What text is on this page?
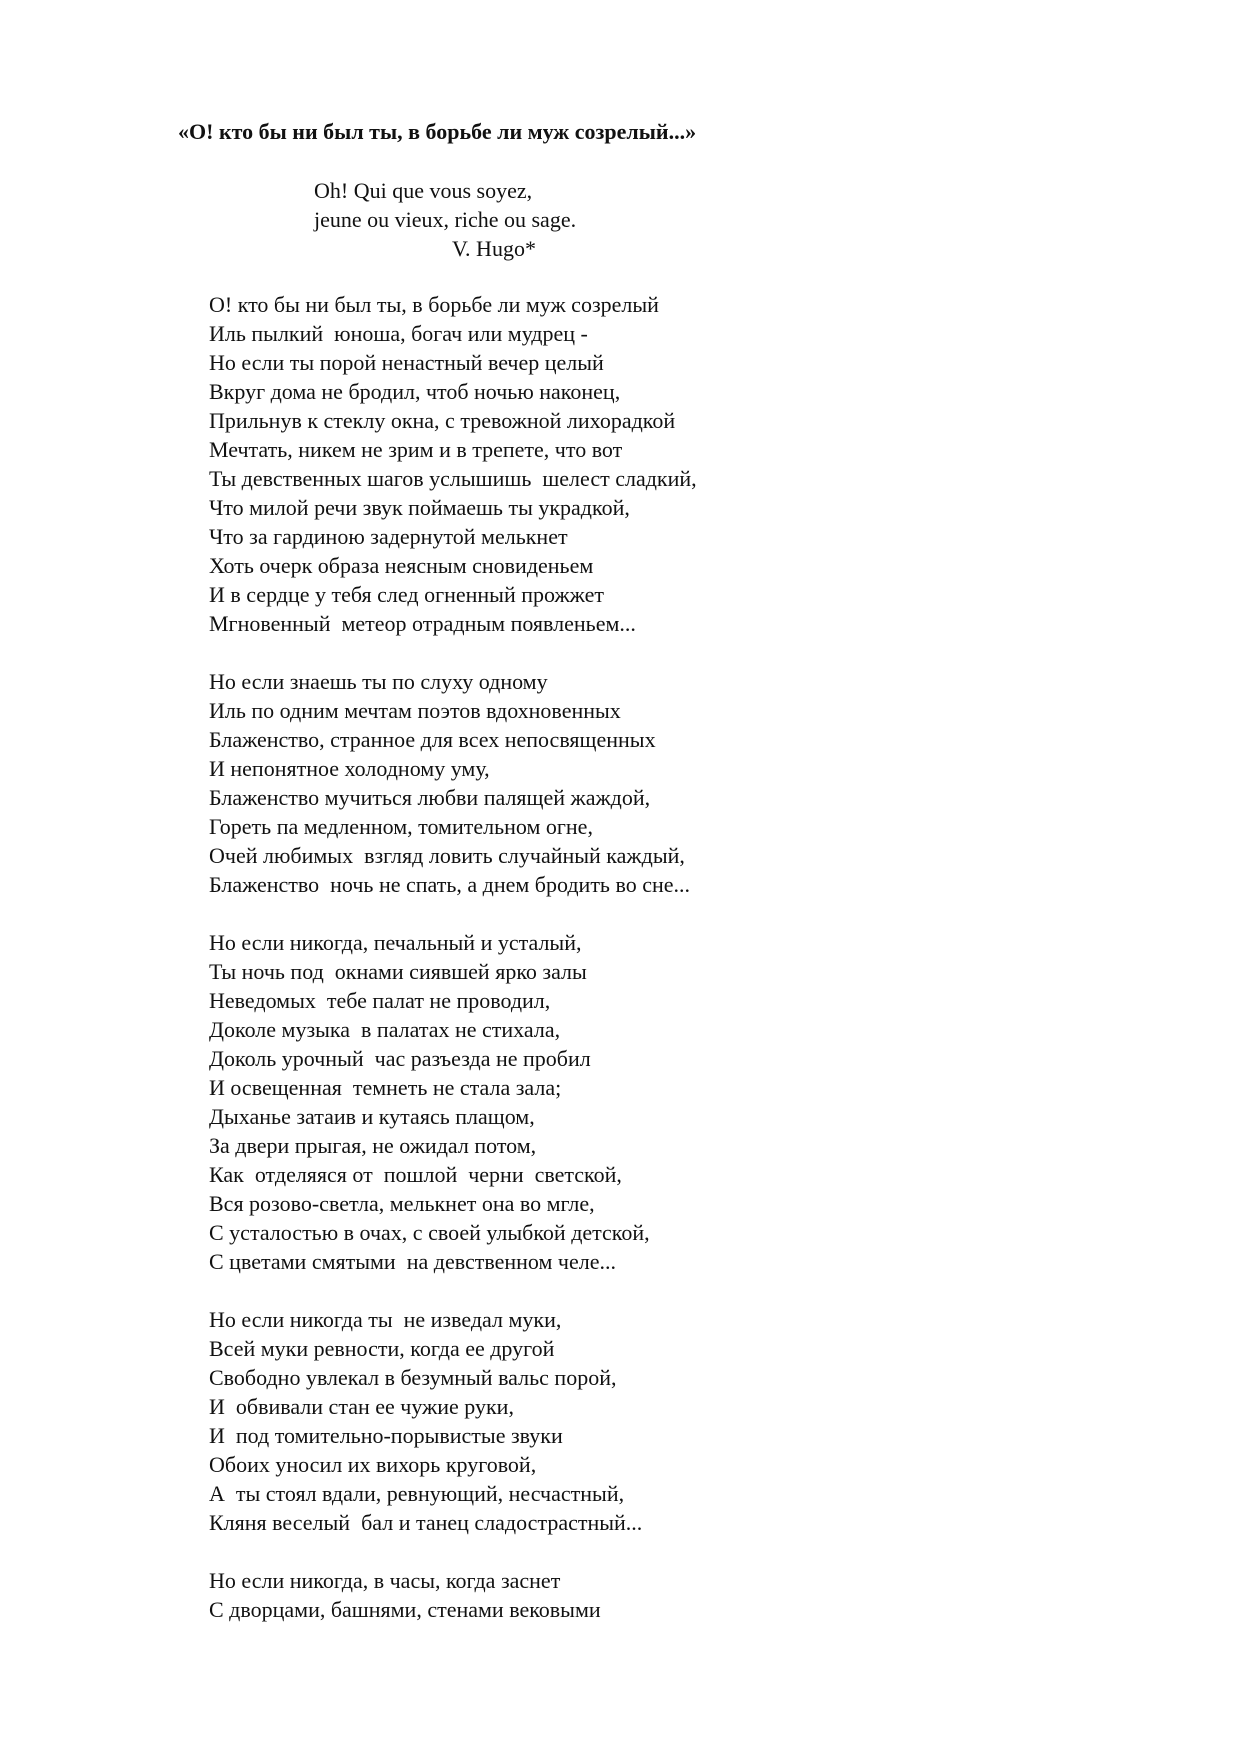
«О! кто бы ни был ты, в борьбе ли муж созрелый...»
Oh! Qui que vous soyez,
jeune ou vieux, riche ou sage.
V. Hugo*
О! кто бы ни был ты, в борьбе ли муж созрелый
Иль пылкий  юноша, богач или мудрец -
Но если ты порой ненастный вечер целый
Вкруг дома не бродил, чтоб ночью наконец,
Прильнув к стеклу окна, с тревожной лихорадкой
Мечтать, никем не зрим и в трепете, что вот
Ты девственных шагов услышишь  шелест сладкий,
Что милой речи звук поймаешь ты украдкой,
Что за гардиною задернутой мелькнет
Хоть очерк образа неясным сновиденьем
И в сердце у тебя след огненный прожжет
Мгновенный  метеор отрадным появленьем...
Но если знаешь ты по слуху одному
Иль по одним мечтам поэтов вдохновенных
Блаженство, странное для всех непосвященных
И непонятное холодному уму,
Блаженство мучиться любви палящей жаждой,
Гореть па медленном, томительном огне,
Очей любимых  взгляд ловить случайный каждый,
Блаженство  ночь не спать, а днем бродить во сне...
Но если никогда, печальный и усталый,
Ты ночь под  окнами сиявшей ярко залы
Неведомых  тебе палат не проводил,
Доколе музыка  в палатах не стихала,
Доколь урочный  час разъезда не пробил
И освещенная  темнеть не стала зала;
Дыханье затаив и кутаясь плащом,
За двери прыгая, не ожидал потом,
Как  отделяяся от  пошлой  черни  светской,
Вся розово-светла, мелькнет она во мгле,
С усталостью в очах, с своей улыбкой детской,
С цветами смятыми  на девственном челе...
Но если никогда ты  не изведал муки,
Всей муки ревности, когда ее другой
Свободно увлекал в безумный вальс порой,
И  обвивали стан ее чужие руки,
И  под томительно-порывистые звуки
Обоих уносил их вихорь круговой,
А  ты стоял вдали, ревнующий, несчастный,
Кляня веселый  бал и танец сладострастный...
Но если никогда, в часы, когда заснет
С дворцами, башнями, стенами вековыми
